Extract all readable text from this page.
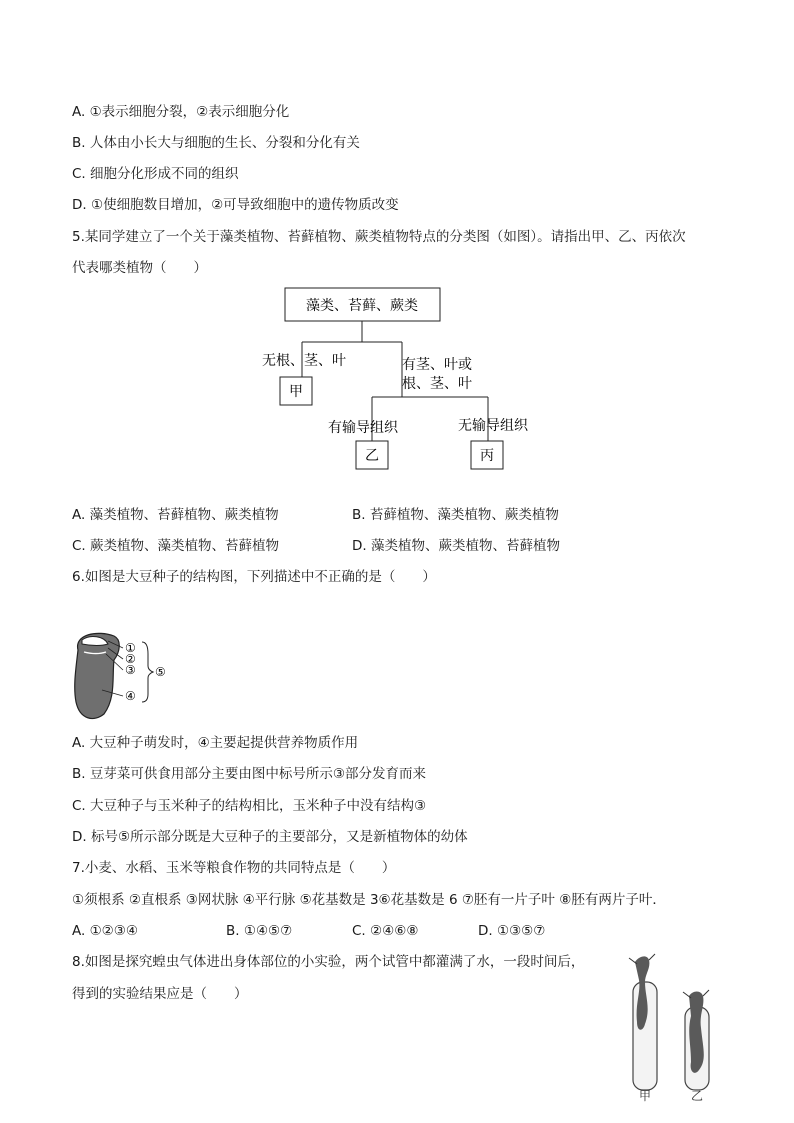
A. ①表示细胞分裂，②表示细胞分化
B. 人体由小长大与细胞的生长、分裂和分化有关
C. 细胞分化形成不同的组织
D. ①使细胞数目增加，②可导致细胞中的遗传物质改变
5.某同学建立了一个关于藻类植物、苔藓植物、蕨类植物特点的分类图（如图）。请指出甲、乙、丙依次
代表哪类植物（　　）
藻类、苔藓、蕨类
无根、茎、叶	有茎、叶或
根、茎、叶
甲
有输导组织	无输导组织
乙	丙
A. 藻类植物、苔藓植物、蕨类植物	B. 苔藓植物、藻类植物、蕨类植物
C. 蕨类植物、藻类植物、苔藓植物	D. 藻类植物、蕨类植物、苔藓植物
6.如图是大豆种子的结构图，下列描述中不正确的是（　　）
①
②
③
④
⑤
A. 大豆种子萌发时，④主要起提供营养物质作用
B. 豆芽菜可供食用部分主要由图中标号所示③部分发育而来
C. 大豆种子与玉米种子的结构相比，玉米种子中没有结构③
D. 标号⑤所示部分既是大豆种子的主要部分，又是新植物体的幼体
7.小麦、水稻、玉米等粮食作物的共同特点是（　　）
①须根系 ②直根系 ③网状脉 ④平行脉 ⑤花基数是 3⑥花基数是 6 ⑦胚有一片子叶 ⑧胚有两片子叶．
A. ①②③④	B. ①④⑤⑦	C. ②④⑥⑧	D. ①③⑤⑦
8.如图是探究蝗虫气体进出身体部位的小实验，两个试管中都灌满了水，一段时间后，
得到的实验结果应是（　　）
甲	乙
